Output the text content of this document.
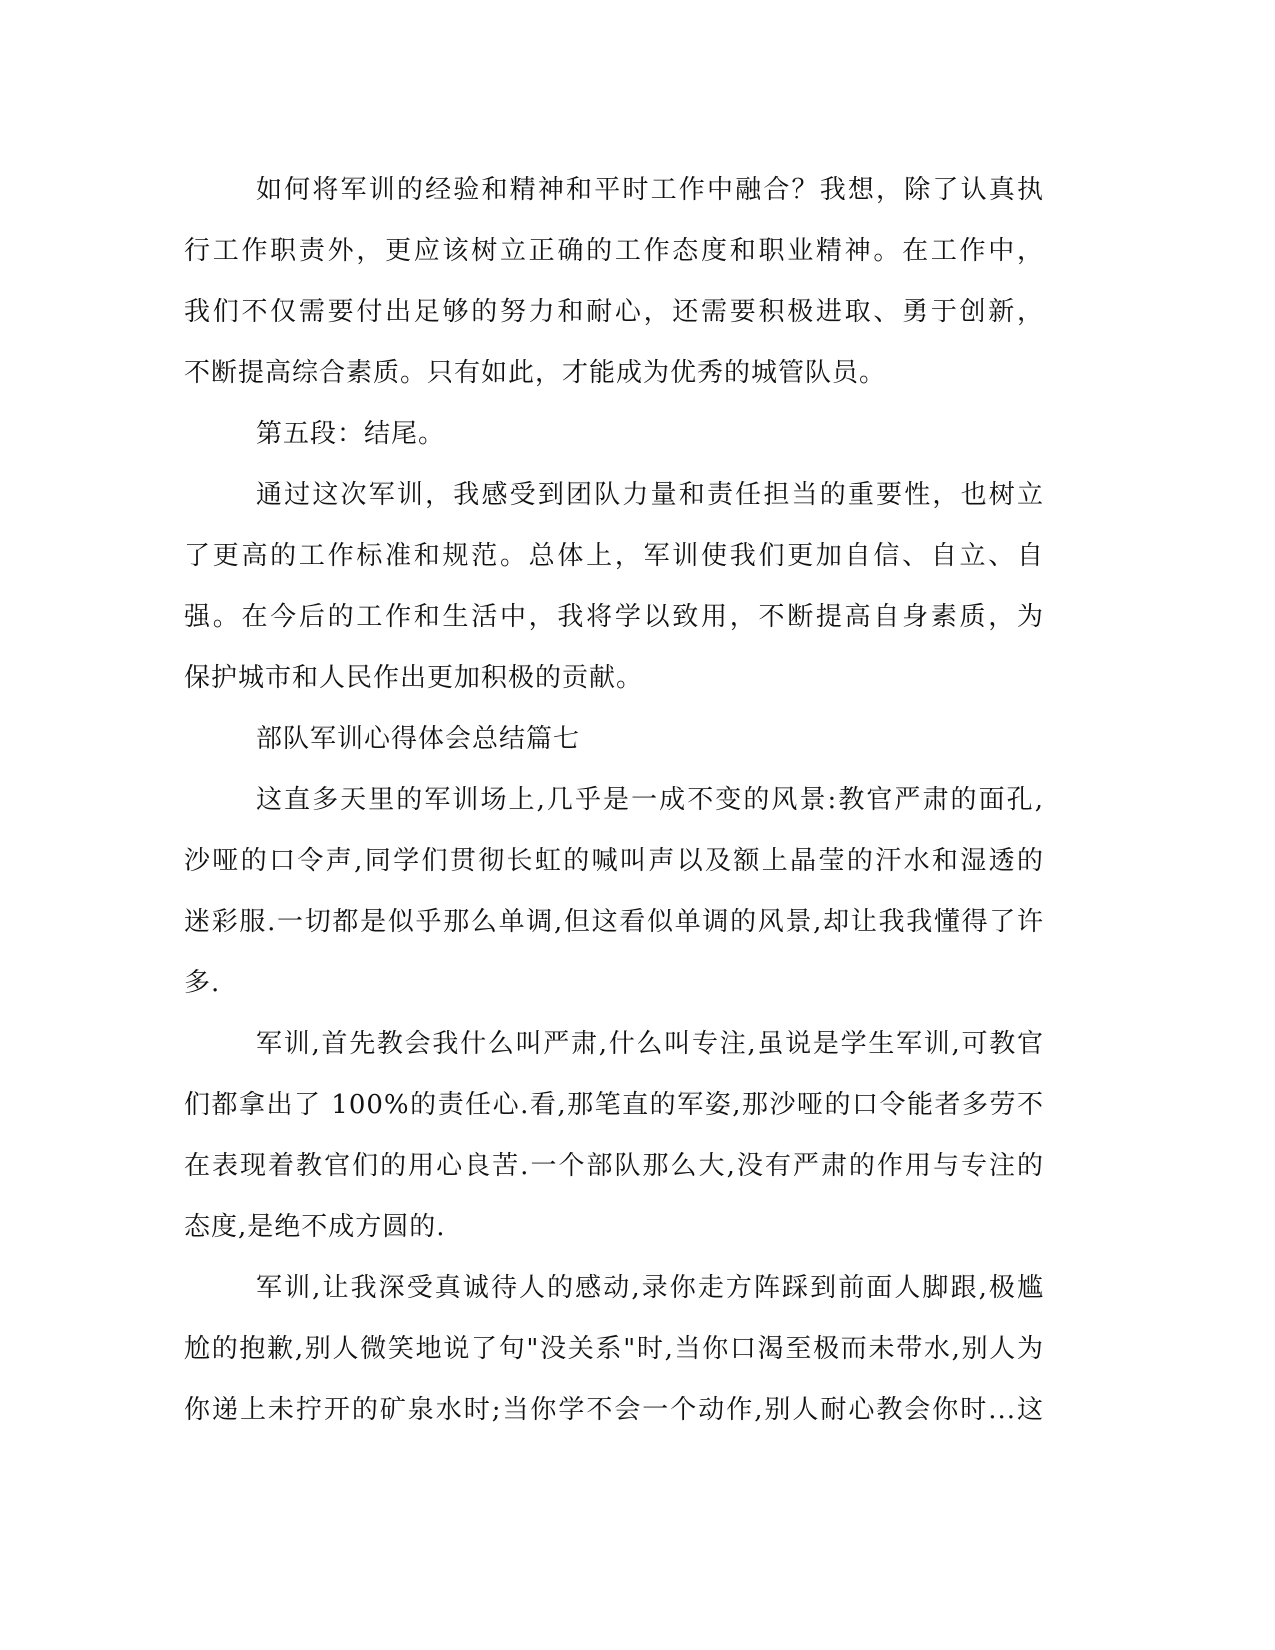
如何将军训的经验和精神和平时工作中融合？我想，除了认真执
行工作职责外，更应该树立正确的工作态度和职业精神。在工作中，
我们不仅需要付出足够的努力和耐心，还需要积极进取、勇于创新，
不断提高综合素质。只有如此，才能成为优秀的城管队员。
第五段：结尾。
通过这次军训，我感受到团队力量和责任担当的重要性，也树立
了更高的工作标准和规范。总体上，军训使我们更加自信、自立、自
强。在今后的工作和生活中，我将学以致用，不断提高自身素质，为
保护城市和人民作出更加积极的贡献。
部队军训心得体会总结篇七
这直多天里的军训场上,几乎是一成不变的风景:教官严肃的面孔,
沙哑的口令声,同学们贯彻长虹的喊叫声以及额上晶莹的汗水和湿透的
迷彩服.一切都是似乎那么单调,但这看似单调的风景,却让我我懂得了许
多.
军训,首先教会我什么叫严肃,什么叫专注,虽说是学生军训,可教官
们都拿出了 100%的责任心.看,那笔直的军姿,那沙哑的口令能者多劳不
在表现着教官们的用心良苦.一个部队那么大,没有严肃的作用与专注的
态度,是绝不成方圆的.
军训,让我深受真诚待人的感动,录你走方阵踩到前面人脚跟,极尴
尬的抱歉,别人微笑地说了句"没关系"时,当你口渴至极而未带水,别人为
你递上未拧开的矿泉水时;当你学不会一个动作,别人耐心教会你时...这
